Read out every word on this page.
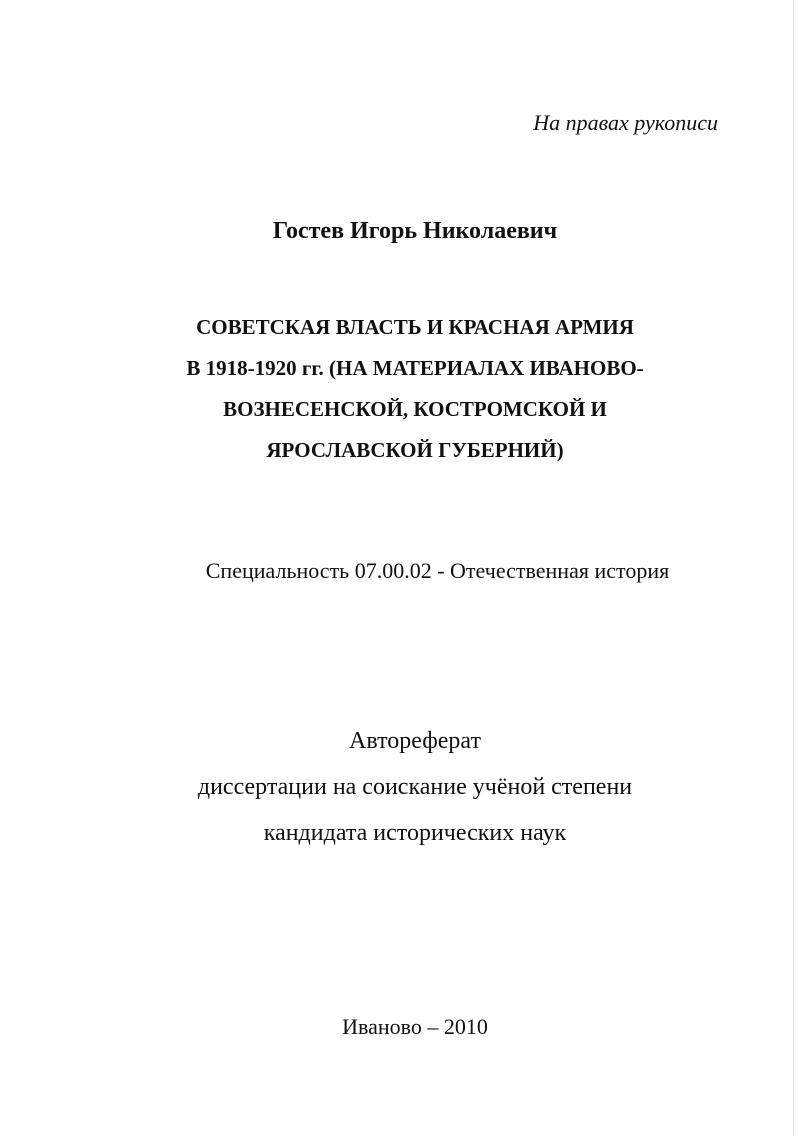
На правах рукописи
Гостев Игорь Николаевич
СОВЕТСКАЯ ВЛАСТЬ И КРАСНАЯ АРМИЯ
В 1918-1920 гг. (НА МАТЕРИАЛАХ ИВАНОВО-
ВОЗНЕСЕНСКОЙ, КОСТРОМСКОЙ И
ЯРОСЛАВСКОЙ ГУБЕРНИЙ)
Специальность 07.00.02 - Отечественная история
Автореферат
диссертации на соискание учёной степени
кандидата исторических наук
Иваново – 2010
